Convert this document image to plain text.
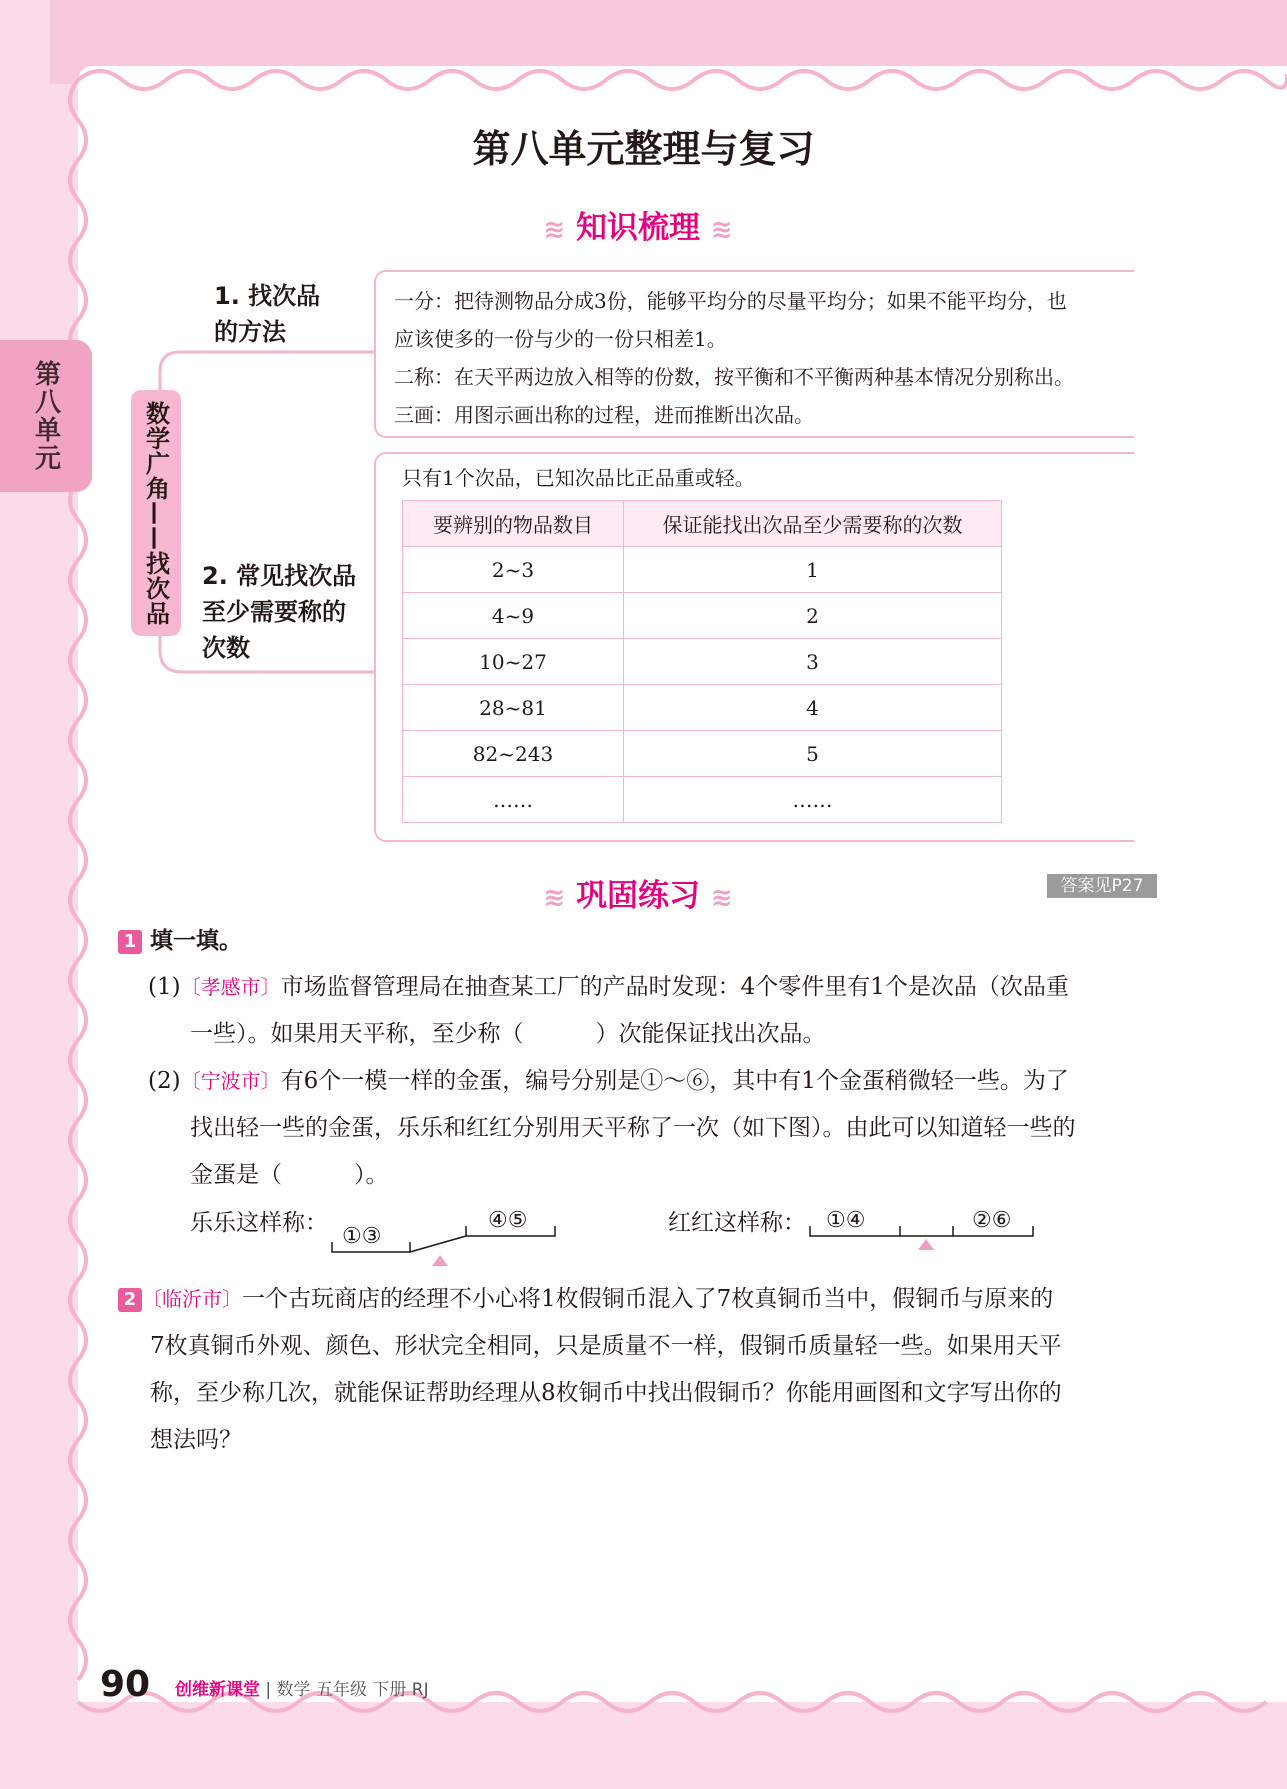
第八单元
第八单元整理与复习
≋ 知识梳理 ≋
数学广角——找次品
1. 找次品
的方法
一分：把待测物品分成3份，能够平均分的尽量平均分；如果不能平均分，也
应该使多的一份与少的一份只相差1。
二称：在天平两边放入相等的份数，按平衡和不平衡两种基本情况分别称出。
三画：用图示画出称的过程，进而推断出次品。
2. 常见找次品
至少需要称的
次数
只有1个次品，已知次品比正品重或轻。
要辨别的物品数目	保证能找出次品至少需要称的次数
2~3	1
4~9	2
10~27	3
28~81	4
82~243	5
……	……
≋ 巩固练习 ≋	答案见P27
1 填一填。
(1)〔孝感市〕市场监督管理局在抽查某工厂的产品时发现：4个零件里有1个是次品（次品重
一些）。如果用天平称，至少称（	）次能保证找出次品。
(2)〔宁波市〕有6个一模一样的金蛋，编号分别是①～⑥，其中有1个金蛋稍微轻一些。为了
找出轻一些的金蛋，乐乐和红红分别用天平称了一次（如下图）。由此可以知道轻一些的
金蛋是（	）。
乐乐这样称：
①③
④⑤	红红这样称： ①④	②⑥
2 〔临沂市〕一个古玩商店的经理不小心将1枚假铜币混入了7枚真铜币当中，假铜币与原来的
7枚真铜币外观、颜色、形状完全相同，只是质量不一样，假铜币质量轻一些。如果用天平
称，至少称几次，就能保证帮助经理从8枚铜币中找出假铜币？你能用画图和文字写出你的
想法吗？
90 创维新课堂 | 数学 五年级 下册 RJ
